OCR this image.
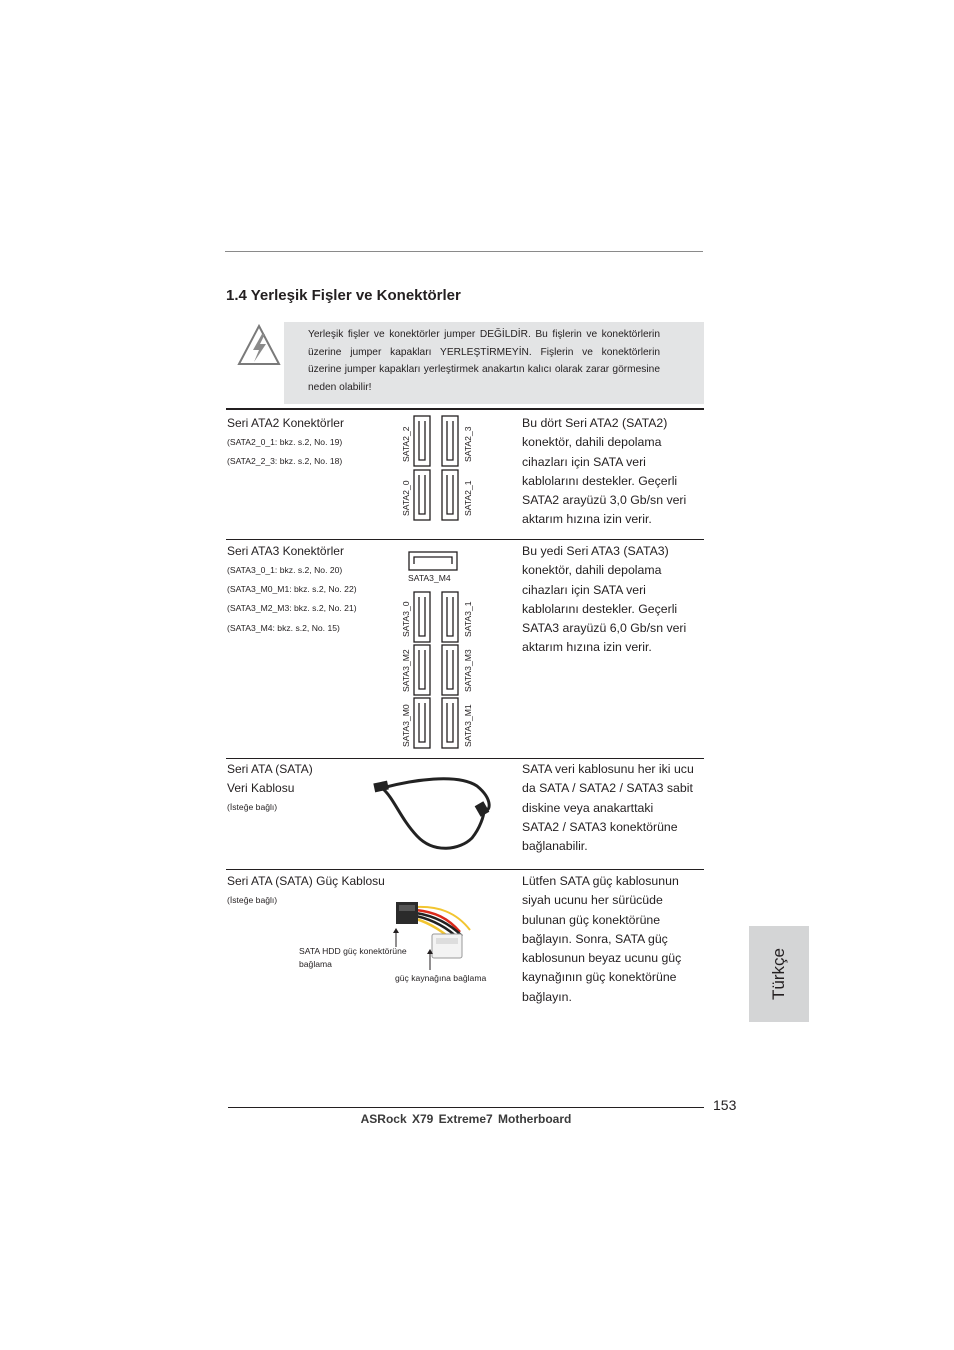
1.4 Yerleşik Fişler ve Konektörler
Yerleşik fişler ve konektörler jumper DEĞİLDİR. Bu fişlerin ve konektörlerin üzerine jumper kapakları YERLEŞTİRMEYİN. Fişlerin ve konektörlerin üzerine jumper kapakları yerleştirmek anakartın kalıcı olarak zarar görmesine neden olabilir!
Seri ATA2 Konektörler
(SATA2_0_1: bkz. s.2, No. 19)
(SATA2_2_3: bkz. s.2, No. 18)	SATA2_2	SATA2_3
SATA2_0	SATA2_1
Bu dört Seri ATA2 (SATA2)
konektör, dahili depolama
cihazları için SATA veri
kablolarını destekler. Geçerli
SATA2 arayüzü 3,0 Gb/sn veri
aktarım hızına izin verir.
Seri ATA3 Konektörler
(SATA3_0_1: bkz. s.2, No. 20)
(SATA3_M0_M1: bkz. s.2, No. 22)
(SATA3_M2_M3: bkz. s.2, No. 21)
(SATA3_M4: bkz. s.2, No. 15)
SATA3_M4
SATA3_0	SATA3_1
SATA3_M2	SATA3_M3
SATA3_M0	SATA3_M1
Bu yedi Seri ATA3 (SATA3)
konektör, dahili depolama
cihazları için SATA veri
kablolarını destekler. Geçerli
SATA3 arayüzü 6,0 Gb/sn veri
aktarım hızına izin verir.
Seri ATA (SATA)
Veri Kablosu
(İsteğe bağlı)
SATA veri kablosunu her iki ucu
da SATA / SATA2 / SATA3 sabit
diskine veya anakarttaki
SATA2 / SATA3 konektörüne
bağlanabilir.
Seri ATA (SATA) Güç Kablosu
(İsteğe bağlı)
SATA HDD güç konektörüne
bağlama
güç kaynağına bağlama
Lütfen SATA güç kablosunun
siyah ucunu her sürücüde
bulunan güç konektörüne
bağlayın. Sonra, SATA güç
kablosunun beyaz ucunu güç
kaynağının güç konektörüne
bağlayın.	Türkçe
153
ASRock X79 Extreme7 Motherboard
